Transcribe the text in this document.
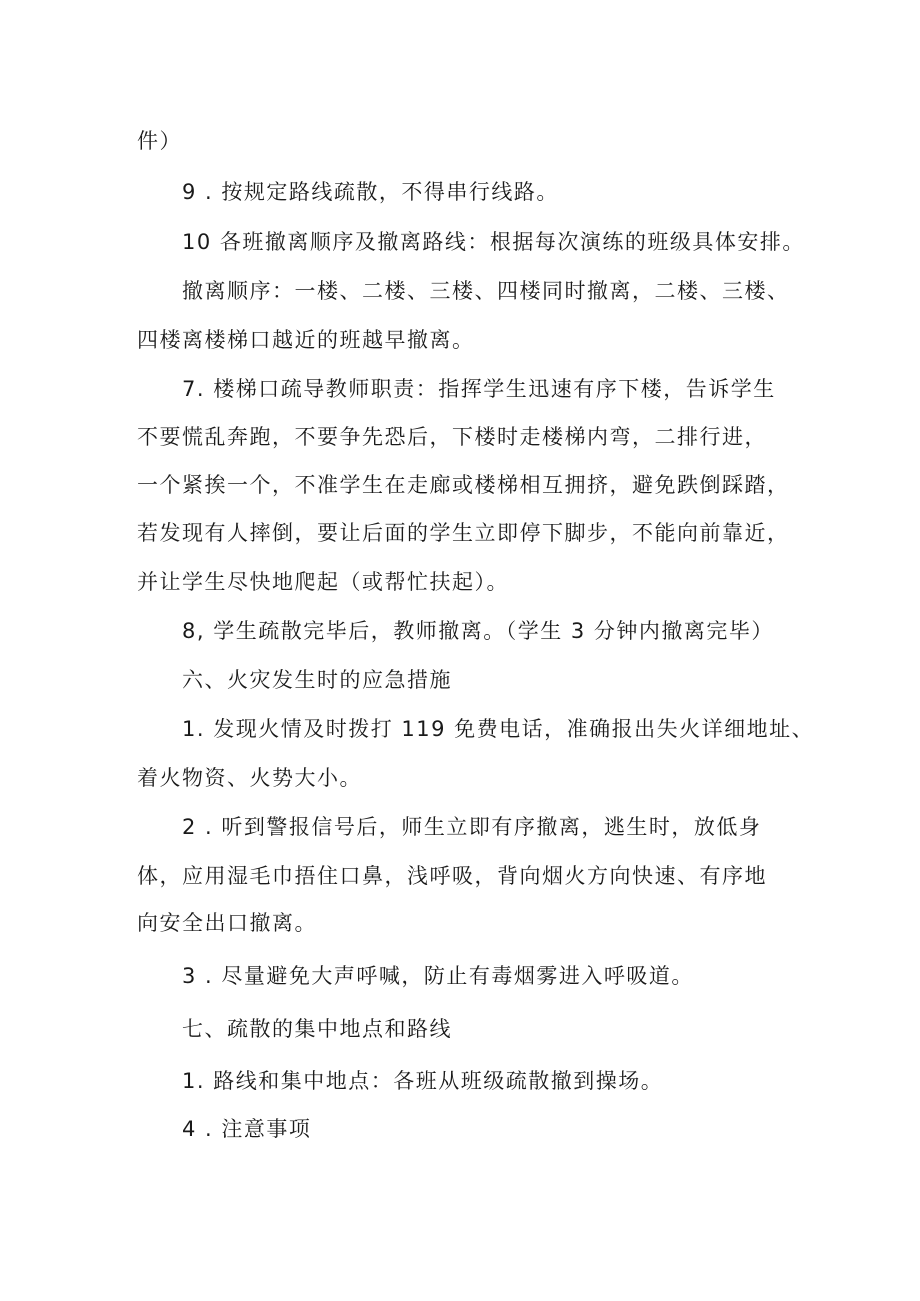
件）
9 . 按规定路线疏散，不得串行线路。
10 各班撤离顺序及撤离路线：根据每次演练的班级具体安排。
撤离顺序：一楼、二楼、三楼、四楼同时撤离，二楼、三楼、
四楼离楼梯口越近的班越早撤离。
7. 楼梯口疏导教师职责：指挥学生迅速有序下楼，告诉学生
不要慌乱奔跑，不要争先恐后，下楼时走楼梯内弯，二排行进，
一个紧挨一个，不准学生在走廊或楼梯相互拥挤，避免跌倒踩踏，
若发现有人摔倒，要让后面的学生立即停下脚步，不能向前靠近，
并让学生尽快地爬起（或帮忙扶起）。
8, 学生疏散完毕后，教师撤离。（学生 3 分钟内撤离完毕）
六、火灾发生时的应急措施
1. 发现火情及时拨打 119 免费电话，准确报出失火详细地址、
着火物资、火势大小。
2 . 听到警报信号后，师生立即有序撤离，逃生时，放低身
体，应用湿毛巾捂住口鼻，浅呼吸，背向烟火方向快速、有序地
向安全出口撤离。
3 . 尽量避免大声呼喊，防止有毒烟雾进入呼吸道。
七、疏散的集中地点和路线
1. 路线和集中地点：各班从班级疏散撤到操场。
4 . 注意事项
